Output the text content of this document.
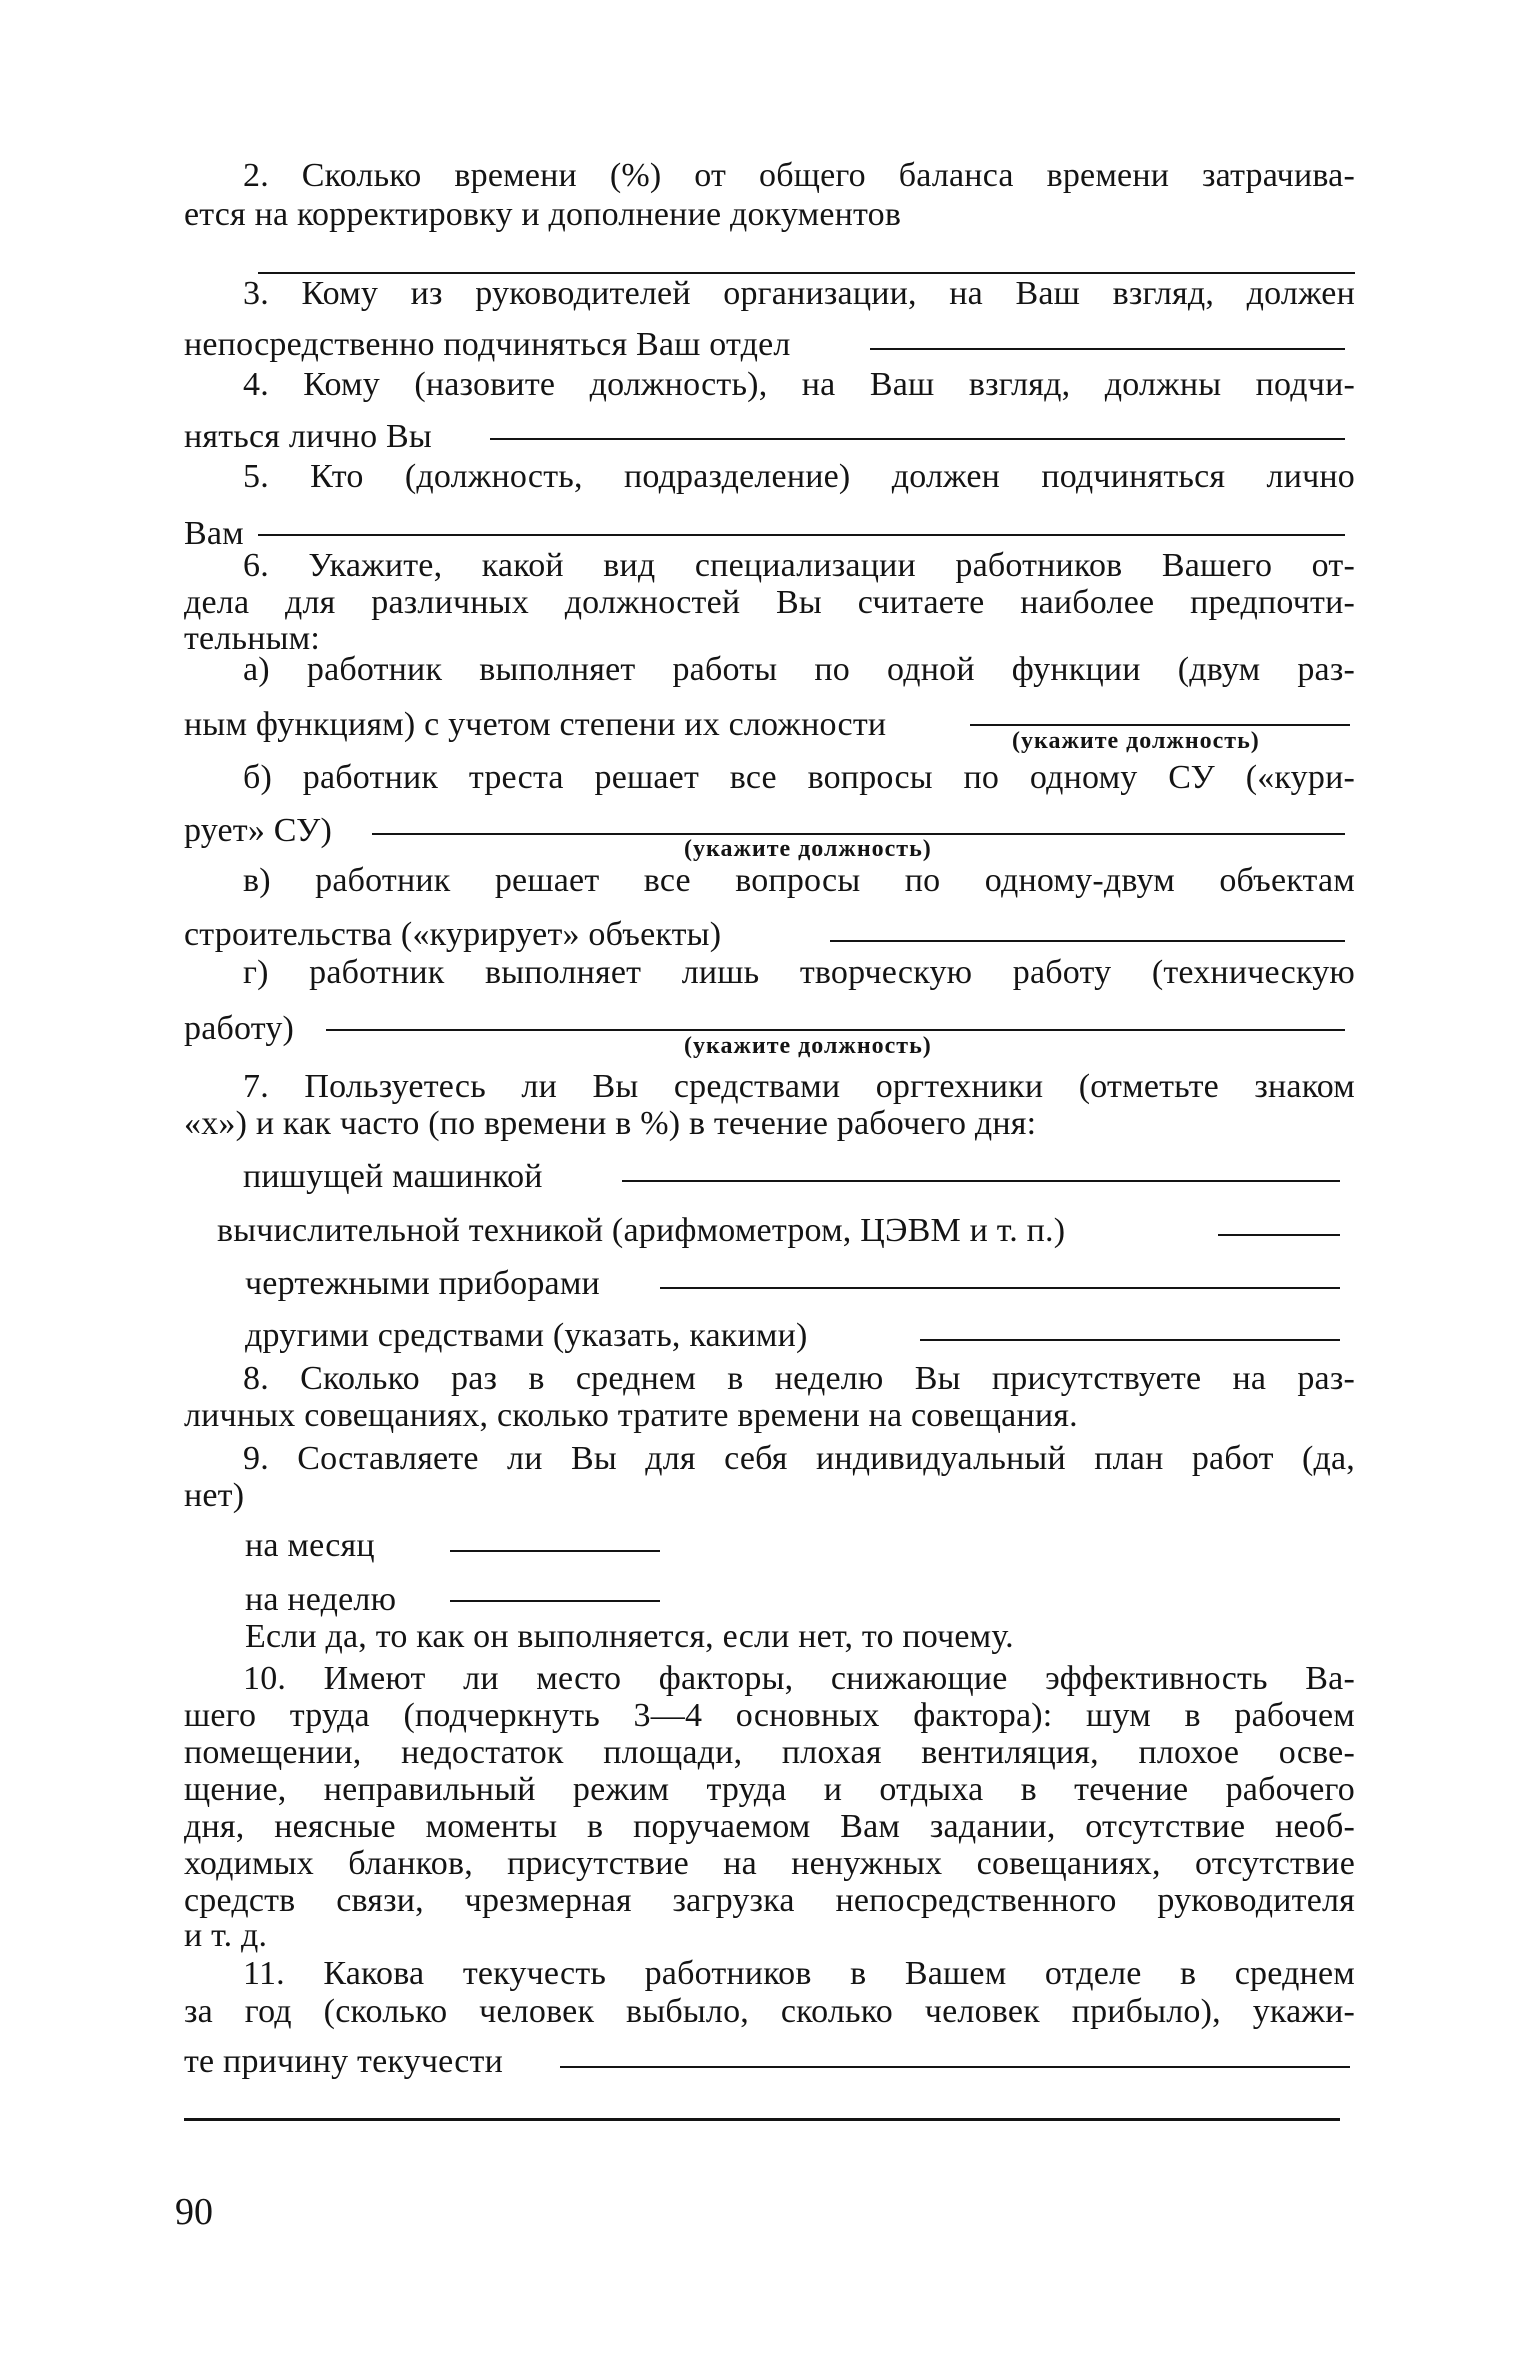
2. Сколько времени (%) от общего баланса времени затрачива-
ется на корректировку и дополнение документов
3. Кому из руководителей организации, на Ваш взгляд, должен
непосредственно подчиняться Ваш отдел
4. Кому (назовите должность), на Ваш взгляд, должны подчи-
няться лично Вы
5. Кто (должность, подразделение) должен подчиняться лично
Вам
6. Укажите, какой вид специализации работников Вашего от-
дела для различных должностей Вы считаете наиболее предпочти-
тельным:
а) работник выполняет работы по одной функции (двум раз-
ным функциям) с учетом степени их сложности	(укажите должность)
б) работник треста решает все вопросы по одному СУ («кури-
рует» СУ)	(укажите должность)
в) работник решает все вопросы по одному-двум объектам
строительства («курирует» объекты)
г) работник выполняет лишь творческую работу (техническую
работу)	(укажите должность)
7. Пользуетесь ли Вы средствами оргтехники (отметьте знаком
«х») и как часто (по времени в %) в течение рабочего дня:
пишущей машинкой
вычислительной техникой (арифмометром, ЦЭВМ и т. п.)
чертежными приборами
другими средствами (указать, какими)
8. Сколько раз в среднем в неделю Вы присутствуете на раз-
личных совещаниях, сколько тратите времени на совещания.
9. Составляете ли Вы для себя индивидуальный план работ (да,
нет)
на месяц
на неделю
Если да, то как он выполняется, если нет, то почему.
10. Имеют ли место факторы, снижающие эффективность Ва-
шего труда (подчеркнуть 3—4 основных фактора): шум в рабочем
помещении, недостаток площади, плохая вентиляция, плохое осве-
щение, неправильный режим труда и отдыха в течение рабочего
дня, неясные моменты в поручаемом Вам задании, отсутствие необ-
ходимых бланков, присутствие на ненужных совещаниях, отсутствие
средств связи, чрезмерная загрузка непосредственного руководителя
и т. д.
11. Какова текучесть работников в Вашем отделе в среднем
за год (сколько человек выбыло, сколько человек прибыло), укажи-
те причину текучести
90
